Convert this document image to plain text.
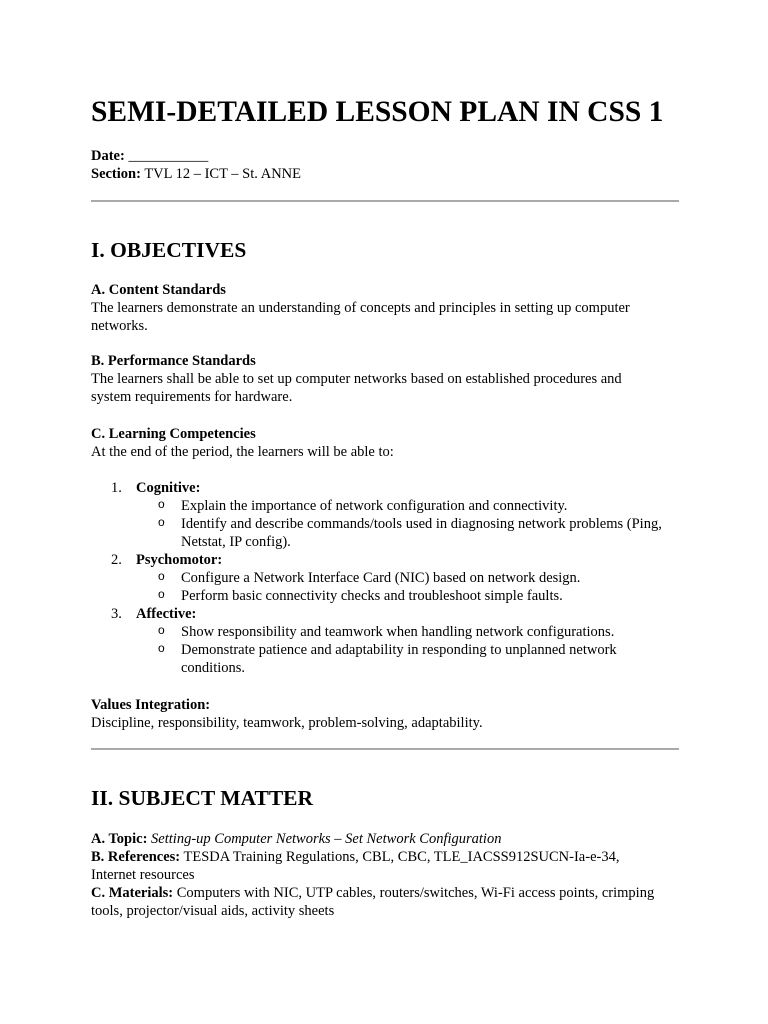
SEMI-DETAILED LESSON PLAN IN CSS 1
Date: ___________
Section: TVL 12 – ICT – St. ANNE
I. OBJECTIVES
A. Content Standards
The learners demonstrate an understanding of concepts and principles in setting up computer
networks.
B. Performance Standards
The learners shall be able to set up computer networks based on established procedures and
system requirements for hardware.
C. Learning Competencies
At the end of the period, the learners will be able to:
1. Cognitive:
o Explain the importance of network configuration and connectivity.
o Identify and describe commands/tools used in diagnosing network problems (Ping, Netstat, IP config).
2. Psychomotor:
o Configure a Network Interface Card (NIC) based on network design.
o Perform basic connectivity checks and troubleshoot simple faults.
3. Affective:
o Show responsibility and teamwork when handling network configurations.
o Demonstrate patience and adaptability in responding to unplanned network conditions.
Values Integration:
Discipline, responsibility, teamwork, problem-solving, adaptability.
II. SUBJECT MATTER
A. Topic: Setting-up Computer Networks – Set Network Configuration
B. References: TESDA Training Regulations, CBL, CBC, TLE_IACSS912SUCN-Ia-e-34,
Internet resources
C. Materials: Computers with NIC, UTP cables, routers/switches, Wi-Fi access points, crimping
tools, projector/visual aids, activity sheets
